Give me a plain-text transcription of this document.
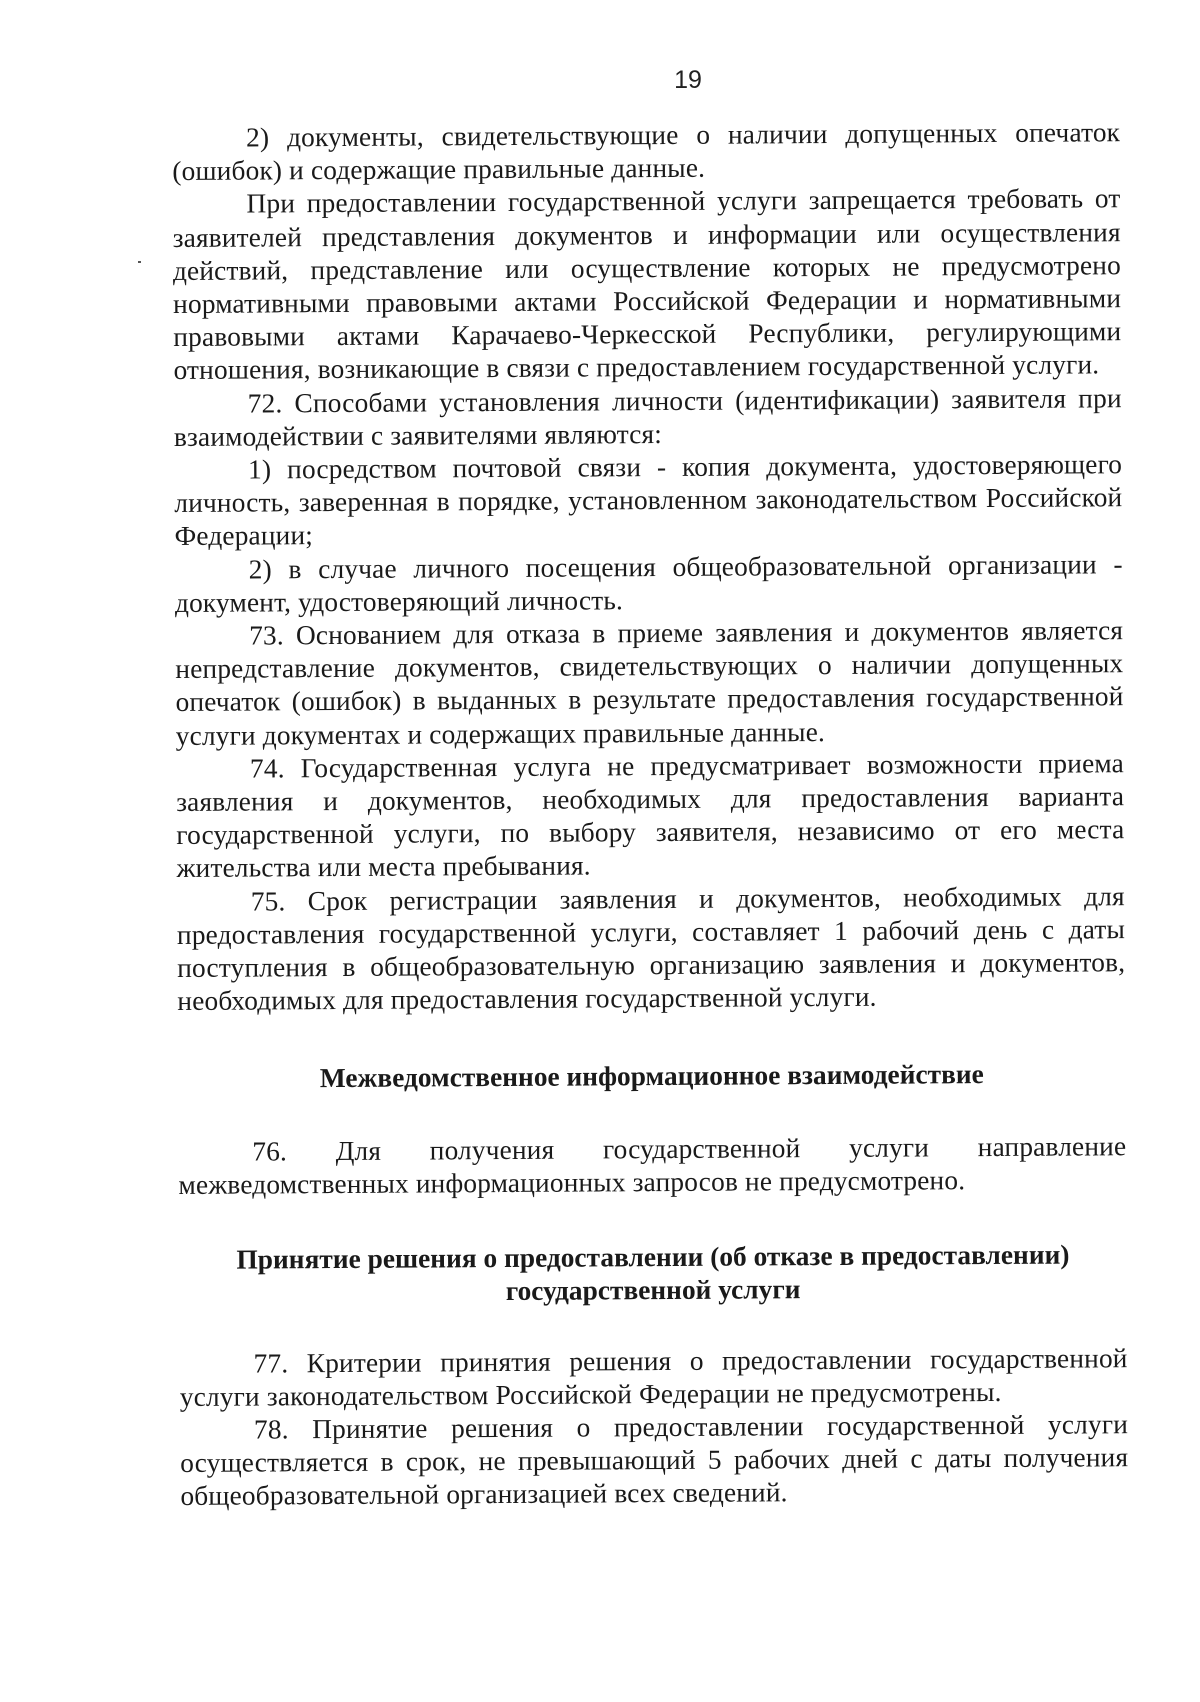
19

2) документы, свидетельствующие о наличии допущенных опечаток (ошибок) и содержащие правильные данные.

При предоставлении государственной услуги запрещается требовать от заявителей представления документов и информации или осуществления действий, представление или осуществление которых не предусмотрено нормативными правовыми актами Российской Федерации и нормативными правовыми актами Карачаево-Черкесской Республики, регулирующими отношения, возникающие в связи с предоставлением государственной услуги.

72. Способами установления личности (идентификации) заявителя при взаимодействии с заявителями являются:

1) посредством почтовой связи - копия документа, удостоверяющего личность, заверенная в порядке, установленном законодательством Российской Федерации;

2) в случае личного посещения общеобразовательной организации - документ, удостоверяющий личность.

73. Основанием для отказа в приеме заявления и документов является непредставление документов, свидетельствующих о наличии допущенных опечаток (ошибок) в выданных в результате предоставления государственной услуги документах и содержащих правильные данные.

74. Государственная услуга не предусматривает возможности приема заявления и документов, необходимых для предоставления варианта государственной услуги, по выбору заявителя, независимо от его места жительства или места пребывания.

75. Срок регистрации заявления и документов, необходимых для предоставления государственной услуги, составляет 1 рабочий день с даты поступления в общеобразовательную организацию заявления и документов, необходимых для предоставления государственной услуги.

Межведомственное информационное взаимодействие

76. Для получения государственной услуги направление

межведомственных информационных запросов не предусмотрено.

Принятие решения о предоставлении (об отказе в предоставлении)
государственной услуги

77. Критерии принятия решения о предоставлении государственной услуги законодательством Российской Федерации не предусмотрены.

78. Принятие решения о предоставлении государственной услуги осуществляется в срок, не превышающий 5 рабочих дней с даты получения общеобразовательной организацией всех сведений.
